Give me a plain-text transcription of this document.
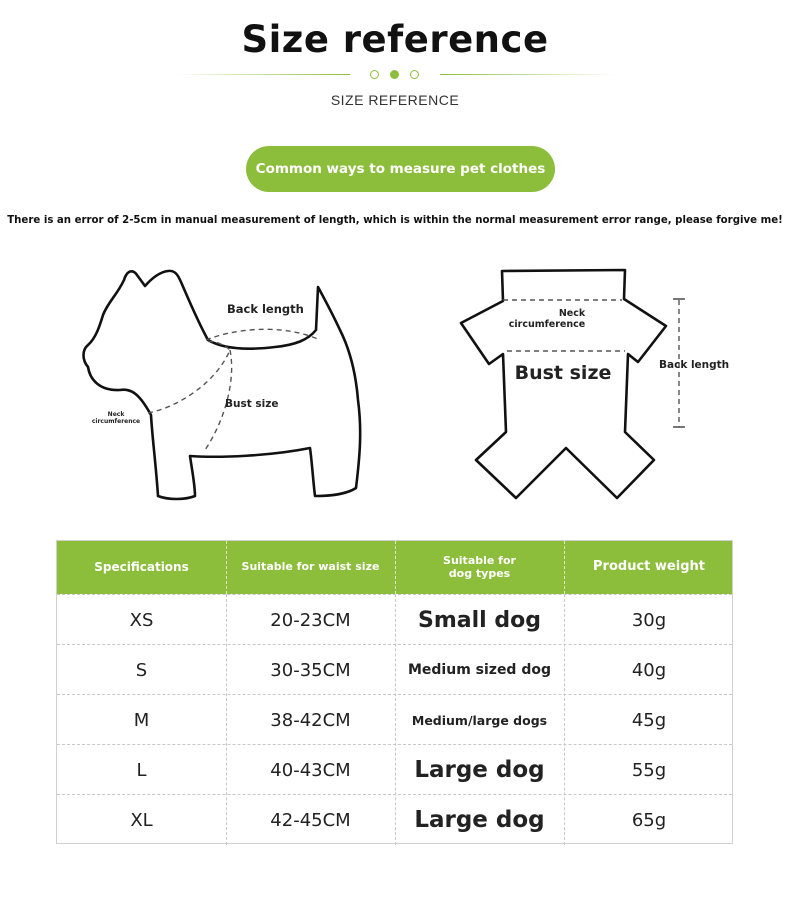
Size reference
SIZE REFERENCE
Common ways to measure pet clothes
There is an error of 2-5cm in manual measurement of length, which is within the normal measurement error range, please forgive me!
Back length
Bust size
Neck
circumference
Neck
circumference
Bust size	Back length
Specifications	Suitable for waist size	Suitable for dog types	Product weight
XS	20-23CM	Small dog	30g
S	30-35CM	Medium sized dog	40g
M	38-42CM	Medium/large dogs	45g
L	40-43CM	Large dog	55g
XL	42-45CM	Large dog	65g
